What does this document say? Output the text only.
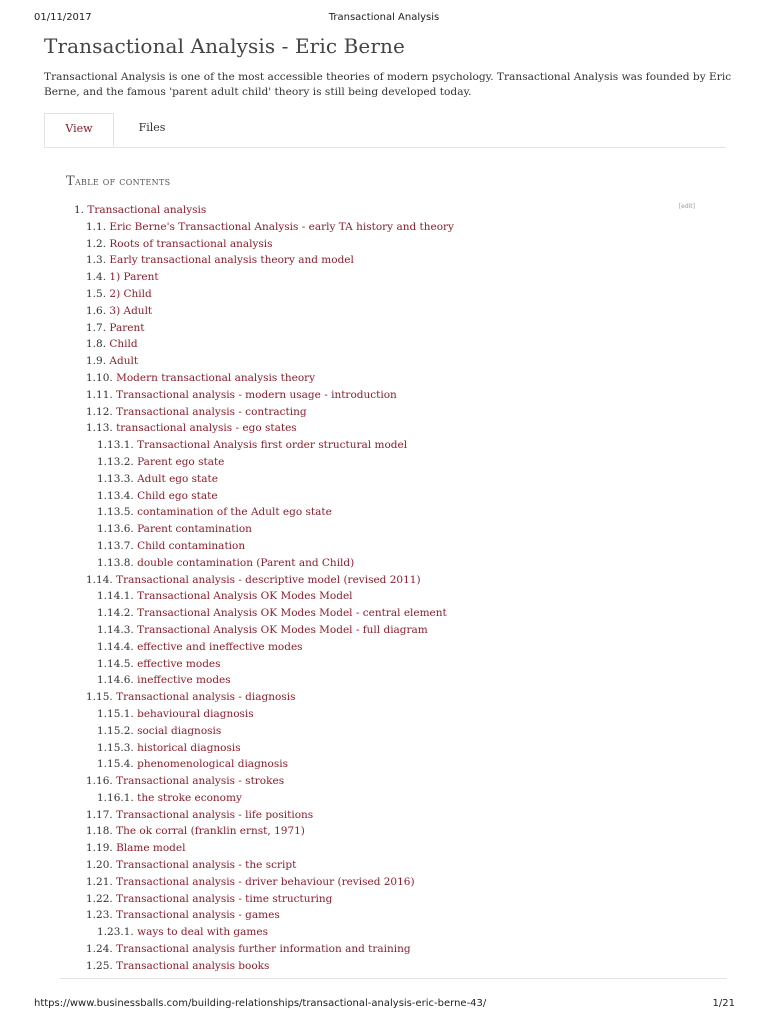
01/11/2017	Transactional Analysis
Transactional Analysis - Eric Berne

Transactional Analysis is one of the most accessible theories of modern psychology. Transactional Analysis was founded by Eric Berne, and the famous 'parent adult child' theory is still being developed today.

View	Files
Table of contents
[edit]
1. Transactional analysis
1.1. Eric Berne's Transactional Analysis - early TA history and theory
1.2. Roots of transactional analysis
1.3. Early transactional analysis theory and model
1.4. 1) Parent
1.5. 2) Child
1.6. 3) Adult
1.7. Parent
1.8. Child
1.9. Adult
1.10. Modern transactional analysis theory
1.11. Transactional analysis - modern usage - introduction
1.12. Transactional analysis - contracting
1.13. transactional analysis - ego states
1.13.1. Transactional Analysis first order structural model
1.13.2. Parent ego state
1.13.3. Adult ego state
1.13.4. Child ego state
1.13.5. contamination of the Adult ego state
1.13.6. Parent contamination
1.13.7. Child contamination
1.13.8. double contamination (Parent and Child)
1.14. Transactional analysis - descriptive model (revised 2011)
1.14.1. Transactional Analysis OK Modes Model
1.14.2. Transactional Analysis OK Modes Model - central element
1.14.3. Transactional Analysis OK Modes Model - full diagram
1.14.4. effective and ineffective modes
1.14.5. effective modes
1.14.6. ineffective modes
1.15. Transactional analysis - diagnosis
1.15.1. behavioural diagnosis
1.15.2. social diagnosis
1.15.3. historical diagnosis
1.15.4. phenomenological diagnosis
1.16. Transactional analysis - strokes
1.16.1. the stroke economy
1.17. Transactional analysis - life positions
1.18. The ok corral (franklin ernst, 1971)
1.19. Blame model
1.20. Transactional analysis - the script
1.21. Transactional analysis - driver behaviour (revised 2016)
1.22. Transactional analysis - time structuring
1.23. Transactional analysis - games
1.23.1. ways to deal with games
1.24. Transactional analysis further information and training
1.25. Transactional analysis books
https://www.businessballs.com/building-relationships/transactional-analysis-eric-berne-43/	1/21
